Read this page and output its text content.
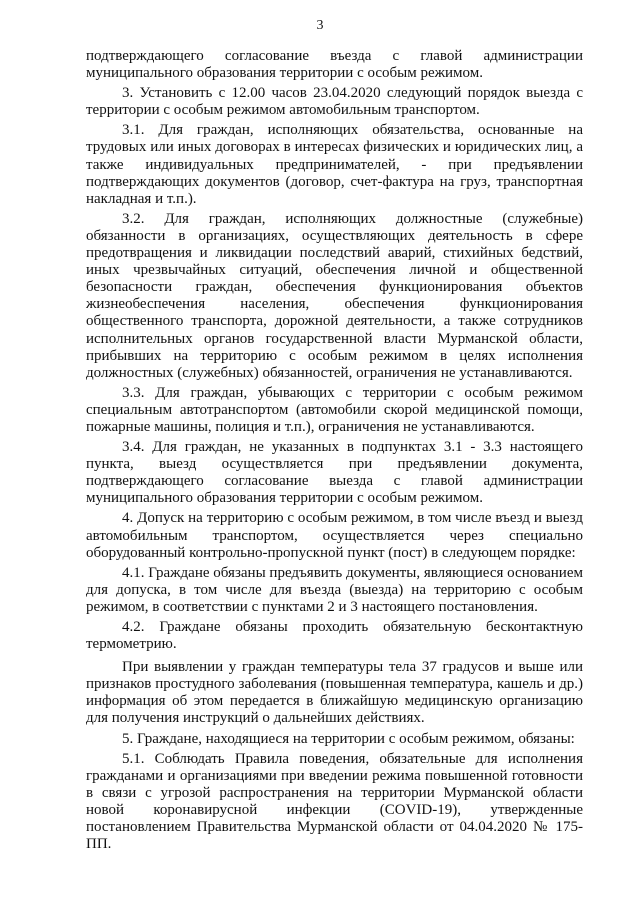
3

подтверждающего согласование въезда с главой администрации муниципального образования территории с особым режимом.

3. Установить с 12.00 часов 23.04.2020 следующий порядок выезда с территории с особым режимом автомобильным транспортом.

3.1. Для граждан, исполняющих обязательства, основанные на трудовых или иных договорах в интересах физических и юридических лиц, а также индивидуальных предпринимателей, - при предъявлении подтверждающих документов (договор, счет-фактура на груз, транспортная накладная и т.п.).

3.2. Для граждан, исполняющих должностные (служебные) обязанности в организациях, осуществляющих деятельность в сфере предотвращения и ликвидации последствий аварий, стихийных бедствий, иных чрезвычайных ситуаций, обеспечения личной и общественной безопасности граждан, обеспечения функционирования объектов жизнеобеспечения населения, обеспечения функционирования общественного транспорта, дорожной деятельности, а также сотрудников исполнительных органов государственной власти Мурманской области, прибывших на территорию с особым режимом в целях исполнения должностных (служебных) обязанностей, ограничения не устанавливаются.

3.3. Для граждан, убывающих с территории с особым режимом специальным автотранспортом (автомобили скорой медицинской помощи, пожарные машины, полиция и т.п.), ограничения не устанавливаются.

3.4. Для граждан, не указанных в подпунктах 3.1 - 3.3 настоящего пункта, выезд осуществляется при предъявлении документа, подтверждающего согласование выезда с главой администрации муниципального образования территории с особым режимом.

4. Допуск на территорию с особым режимом, в том числе въезд и выезд автомобильным транспортом, осуществляется через специально оборудованный контрольно-пропускной пункт (пост) в следующем порядке:

4.1. Граждане обязаны предъявить документы, являющиеся основанием для допуска, в том числе для въезда (выезда) на территорию с особым режимом, в соответствии с пунктами 2 и 3 настоящего постановления.

4.2. Граждане обязаны проходить обязательную бесконтактную термометрию.

При выявлении у граждан температуры тела 37 градусов и выше или признаков простудного заболевания (повышенная температура, кашель и др.) информация об этом передается в ближайшую медицинскую организацию для получения инструкций о дальнейших действиях.

5. Граждане, находящиеся на территории с особым режимом, обязаны:

5.1. Соблюдать Правила поведения, обязательные для исполнения гражданами и организациями при введении режима повышенной готовности в связи с угрозой распространения на территории Мурманской области новой коронавирусной инфекции (COVID-19), утвержденные постановлением Правительства Мурманской области от 04.04.2020 № 175-ПП.
